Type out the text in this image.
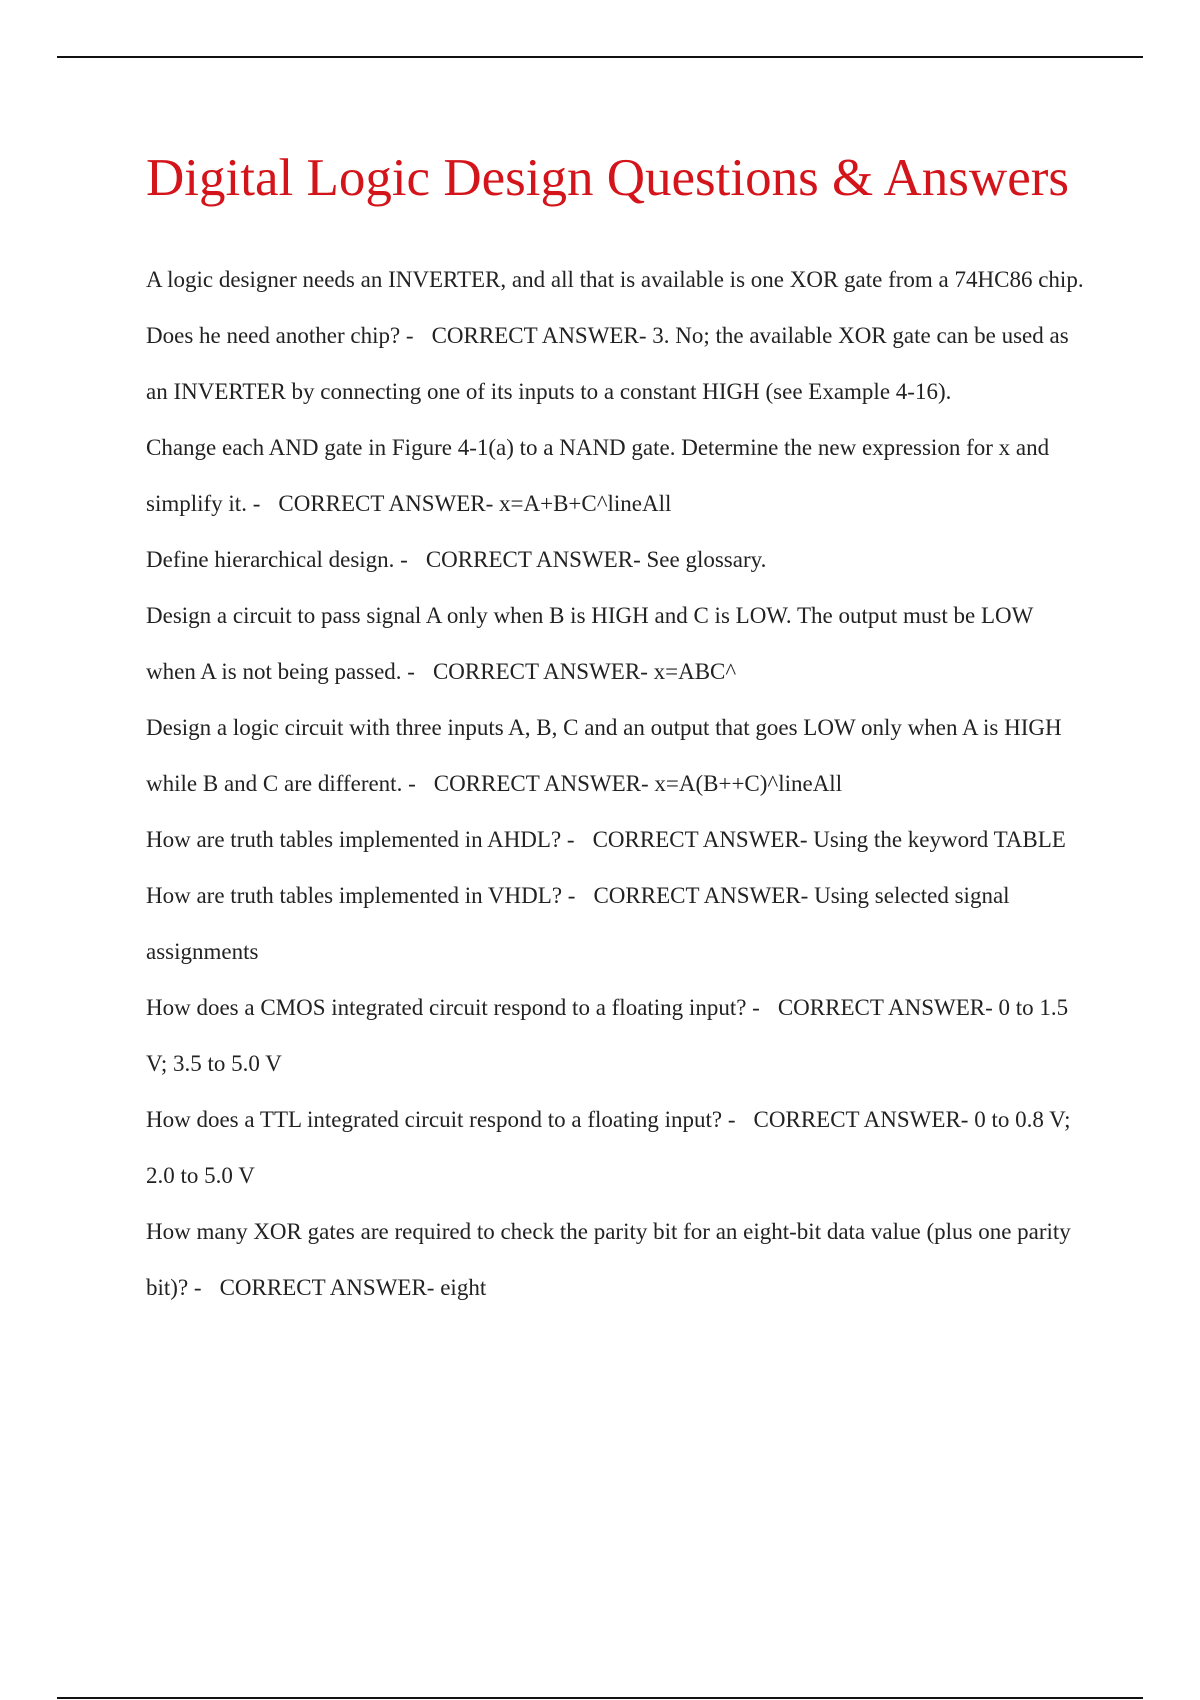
Digital Logic Design Questions & Answers
A logic designer needs an INVERTER, and all that is available is one XOR gate from a 74HC86 chip. Does he need another chip? - CORRECT ANSWER- 3. No; the available XOR gate can be used as an INVERTER by connecting one of its inputs to a constant HIGH (see Example 4-16).
Change each AND gate in Figure 4-1(a) to a NAND gate. Determine the new expression for x and simplify it. - CORRECT ANSWER- x=A+B+C^lineAll
Define hierarchical design. - CORRECT ANSWER- See glossary.
Design a circuit to pass signal A only when B is HIGH and C is LOW. The output must be LOW when A is not being passed. - CORRECT ANSWER- x=ABC^
Design a logic circuit with three inputs A, B, C and an output that goes LOW only when A is HIGH while B and C are different. - CORRECT ANSWER- x=A(B++C)^lineAll
How are truth tables implemented in AHDL? - CORRECT ANSWER- Using the keyword TABLE
How are truth tables implemented in VHDL? - CORRECT ANSWER- Using selected signal assignments
How does a CMOS integrated circuit respond to a floating input? - CORRECT ANSWER- 0 to 1.5 V; 3.5 to 5.0 V
How does a TTL integrated circuit respond to a floating input? - CORRECT ANSWER- 0 to 0.8 V; 2.0 to 5.0 V
How many XOR gates are required to check the parity bit for an eight-bit data value (plus one parity bit)? - CORRECT ANSWER- eight
